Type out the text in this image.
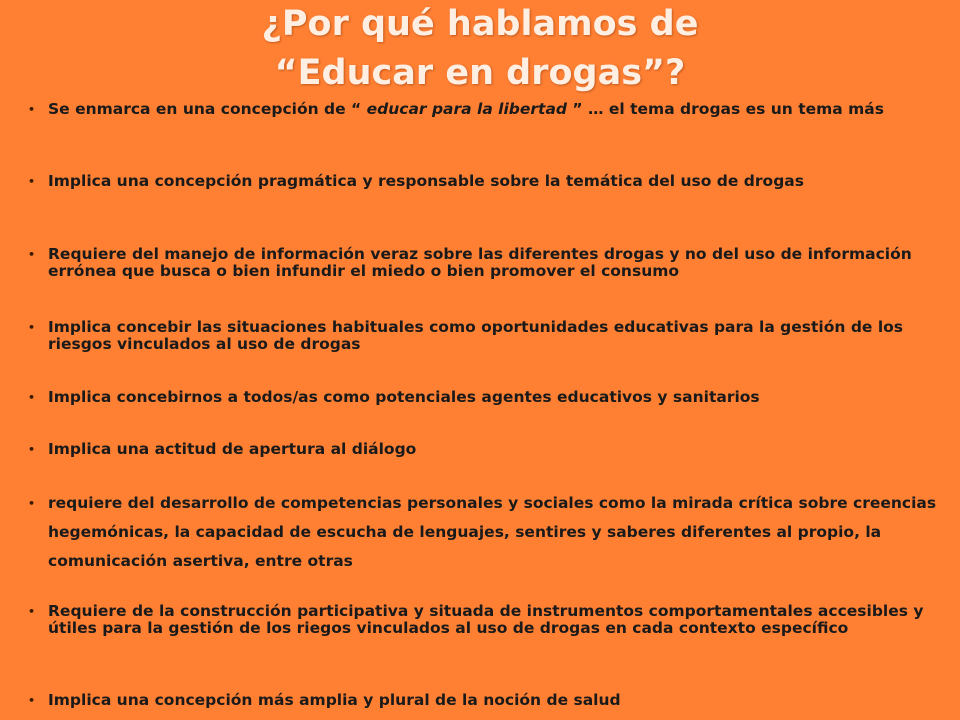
¿Por qué hablamos de
“Educar en drogas”?
• Se enmarca en una concepción de “ educar para la libertad ” … el tema drogas es un tema más
• Implica una concepción pragmática y responsable sobre la temática del uso de drogas
• Requiere del manejo de información veraz sobre las diferentes drogas y no del uso de información errónea que busca o bien infundir el miedo o bien promover el consumo
• Implica concebir las situaciones habituales como oportunidades educativas para la gestión de los riesgos vinculados al uso de drogas
• Implica concebirnos a todos/as como potenciales agentes educativos y sanitarios
• Implica una actitud de apertura al diálogo
• requiere del desarrollo de competencias personales y sociales como la mirada crítica sobre creencias hegemónicas, la capacidad de escucha de lenguajes, sentires y saberes diferentes al propio, la comunicación asertiva, entre otras
• Requiere de la construcción participativa y situada de instrumentos comportamentales accesibles y útiles para la gestión de los riegos vinculados al uso de drogas en cada contexto específico
• Implica una concepción más amplia y plural de la noción de salud
